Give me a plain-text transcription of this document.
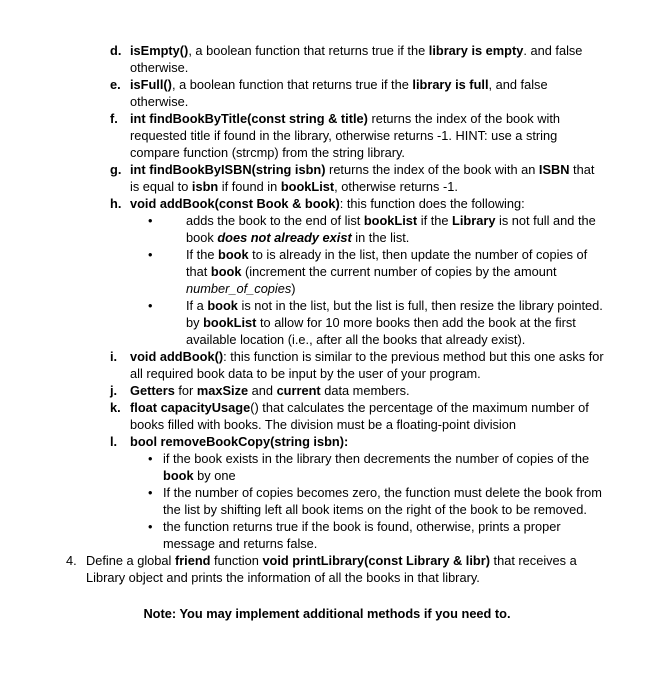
d. isEmpty(), a boolean function that returns true if the library is empty. and false otherwise.
e. isFull(), a boolean function that returns true if the library is full, and false otherwise.
f. int findBookByTitle(const string & title) returns the index of the book with requested title if found in the library, otherwise returns -1. HINT: use a string compare function (strcmp) from the string library.
g. int findBookByISBN(string isbn) returns the index of the book with an ISBN that is equal to isbn if found in bookList, otherwise returns -1.
h. void addBook(const Book & book): this function does the following:
•	adds the book to the end of list bookList if the Library is not full and the book does not already exist in the list.
•	If the book to is already in the list, then update the number of copies of that book (increment the current number of copies by the amount number_of_copies)
•	If a book is not in the list, but the list is full, then resize the library pointed. by bookList to allow for 10 more books then add the book at the first available location (i.e., after all the books that already exist).
i.	void addBook(): this function is similar to the previous method but this one asks for all required book data to be input by the user of your program.
j.	Getters for maxSize and current data members.
k. float capacityUsage() that calculates the percentage of the maximum number of books filled with books. The division must be a floating-point division
l.	bool removeBookCopy(string isbn):
• if the book exists in the library then decrements the number of copies of the book by one
• If the number of copies becomes zero, the function must delete the book from the list by shifting left all book items on the right of the book to be removed.
• the function returns true if the book is found, otherwise, prints a proper message and returns false.
4. Define a global friend function void printLibrary(const Library & libr) that receives a Library object and prints the information of all the books in that library.
Note: You may implement additional methods if you need to.
